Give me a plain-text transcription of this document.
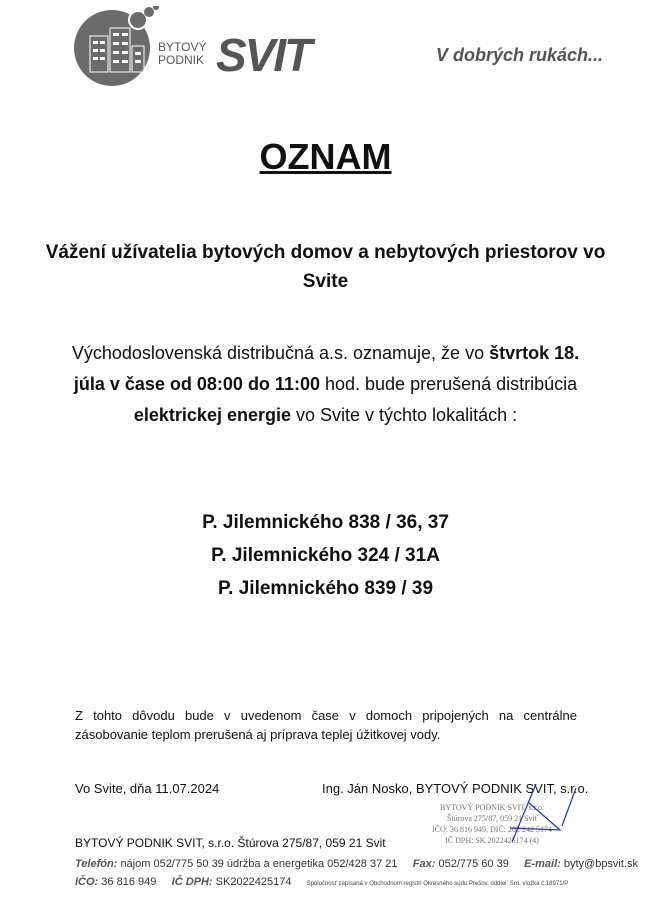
BYTOVÝ
PODNIK SVIT	V dobrých rukách...
OZNAM
Vážení užívatelia bytových domov a nebytových priestorov vo Svite
Východoslovenská distribučná a.s. oznamuje, že vo štvrtok 18. júla v čase od 08:00 do 11:00 hod. bude prerušená distribúcia elektrickej energie vo Svite v týchto lokalitách :
P. Jilemnického 838 / 36, 37
P. Jilemnického 324 / 31A
P. Jilemnického 839 / 39
Z tohto dôvodu bude v uvedenom čase v domoch pripojených na centrálne zásobovanie teplom prerušená aj príprava teplej úžitkovej vody.
Vo Svite, dňa 11.07.2024	Ing. Ján Nosko, BYTOVÝ PODNIK SVIT, s.r.o.
BYTOVÝ PODNIK SVIT, s.r.o.
Štúrova 275/87, 059 21 Svit
IČO: 36 816 949, DIČ: 202 242 5174
IČ DPH: SK 2022425174 (4)
BYTOVÝ PODNIK SVIT, s.r.o. Štúrova 275/87, 059 21 Svit
Telefón: nájom 052/775 50 39 údržba a energetika 052/428 37 21 Fax: 052/775 60 39 E-mail: byty@bpsvit.sk
IČO: 36 816 949 IČ DPH: SK2022425174	Spoločnosť zapísaná v Obchodnom registri Okresného súdu Prešov, oddiel: Sro, vložka č.18971/P
